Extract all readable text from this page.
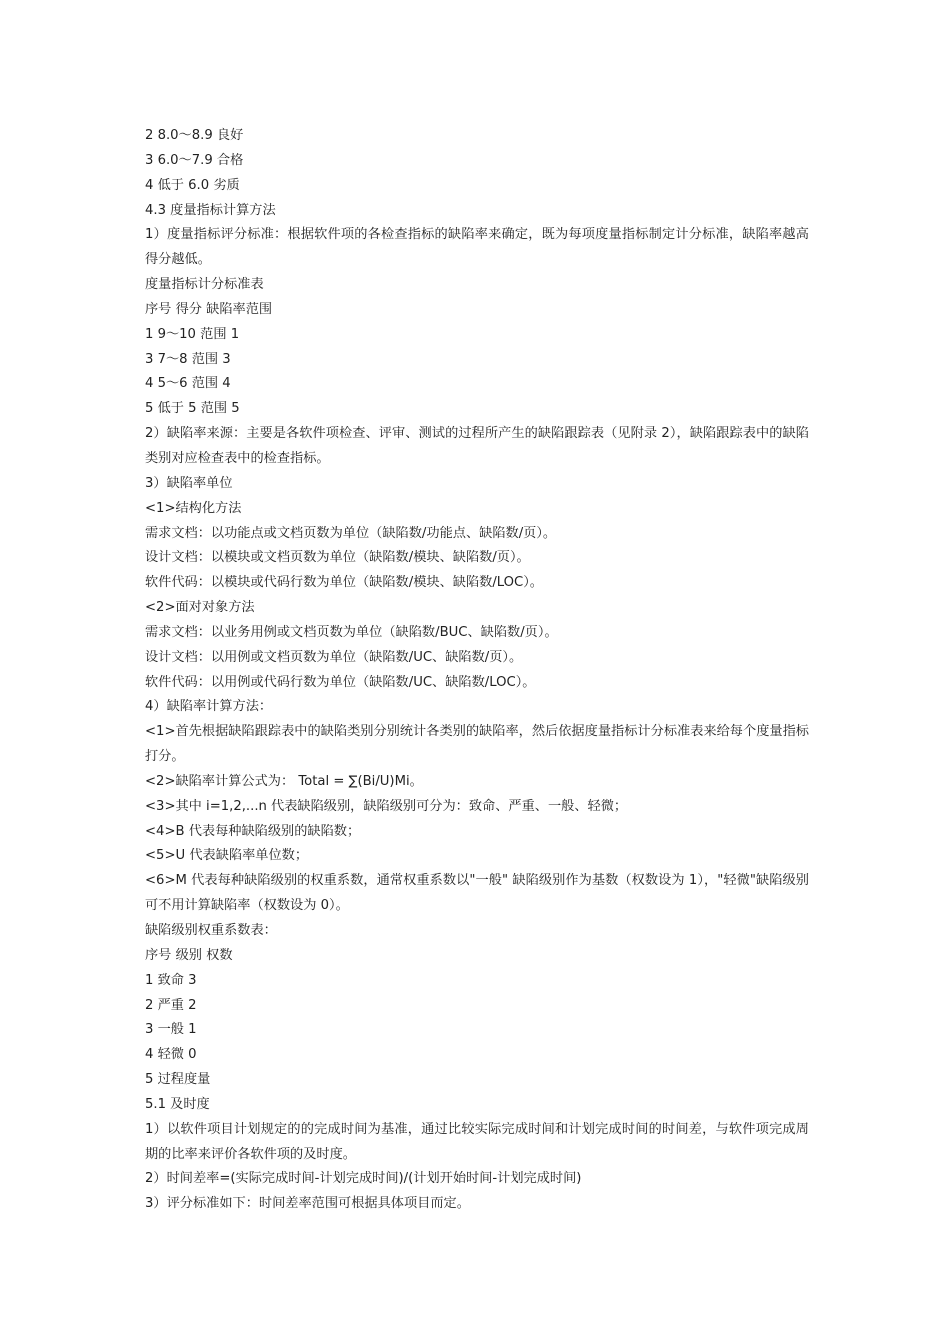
2 8.0～8.9 良好

3 6.0～7.9 合格

4 低于 6.0 劣质

4.3 度量指标计算方法

1）度量指标评分标准：根据软件项的各检查指标的缺陷率来确定，既为每项度量指标制定计分标准，缺陷率越高得分越低。

度量指标计分标准表

序号 得分 缺陷率范围

1 9～10 范围 1

3 7～8 范围 3

4 5～6 范围 4

5 低于 5 范围 5

2）缺陷率来源：主要是各软件项检查、评审、测试的过程所产生的缺陷跟踪表（见附录 2），缺陷跟踪表中的缺陷类别对应检查表中的检查指标。

3）缺陷率单位

<1>结构化方法

需求文档：以功能点或文档页数为单位（缺陷数/功能点、缺陷数/页）。

设计文档：以模块或文档页数为单位（缺陷数/模块、缺陷数/页）。

软件代码：以模块或代码行数为单位（缺陷数/模块、缺陷数/LOC）。

<2>面对对象方法

需求文档：以业务用例或文档页数为单位（缺陷数/BUC、缺陷数/页）。

设计文档：以用例或文档页数为单位（缺陷数/UC、缺陷数/页）。

软件代码：以用例或代码行数为单位（缺陷数/UC、缺陷数/LOC）。

4）缺陷率计算方法：

<1>首先根据缺陷跟踪表中的缺陷类别分别统计各类别的缺陷率，然后依据度量指标计分标准表来给每个度量指标打分。

<2>缺陷率计算公式为： Total = ∑(Bi/U)Mi。

<3>其中 i=1,2,...n 代表缺陷级别，缺陷级别可分为：致命、严重、一般、轻微；

<4>B 代表每种缺陷级别的缺陷数；

<5>U 代表缺陷率单位数；

<6>M 代表每种缺陷级别的权重系数，通常权重系数以"一般" 缺陷级别作为基数（权数设为 1），"轻微"缺陷级别可不用计算缺陷率（权数设为 0）。

缺陷级别权重系数表：

序号 级别 权数

1 致命 3

2 严重 2

3 一般 1

4 轻微 0

5 过程度量

5.1 及时度

1）以软件项目计划规定的的完成时间为基准，通过比较实际完成时间和计划完成时间的时间差，与软件项完成周期的比率来评价各软件项的及时度。

2）时间差率=(实际完成时间-计划完成时间)/(计划开始时间-计划完成时间)

3）评分标准如下：时间差率范围可根据具体项目而定。
